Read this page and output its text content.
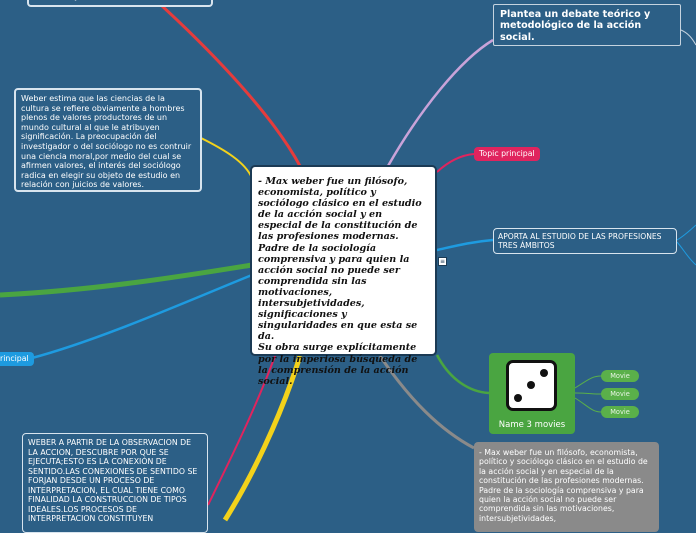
Weber estima que las ciencias de la cultura se refiere obviamente a hombres plenos de valores productores de un mundo cultural al que le atribuyen significación. La preocupación del investigador o del sociólogo no es contruir una ciencia moral,por medio del cual se afirmen valores, el interés del sociólogo radica en elegir su objeto de estudio en relación con juicios de valores.	- Max weber fue un filósofo, economista, político y sociólogo clásico en el estudio de la acción social y en especial de la constitución de las profesiones modernas. Padre de la sociología comprensiva y para quien la acción social no puede ser comprendida sin las motivaciones, intersubjetividades, significaciones y singularidades en que esta se da.

Su obra surge explícitamente por la imperiosa búsqueda de la comprensión de la acción social.

≡
Plantea un debate teórico y metodológico de la acción social.
Topic principal
rincipal
APORTA AL ESTUDIO DE LAS PROFESIONES TRES ÁMBITOS
Name 3 movies
Movie
Movie
Movie
WEBER A PARTIR DE LA OBSERVACION DE LA ACCION, DESCUBRE POR QUE SE EJECUTA;ESTO ES LA CONEXIÓN DE SENTIDO.LAS CONEXIONES DE SENTIDO SE FORJAN DESDE UN PROCESO DE INTERPRETACION, EL CUAL TIENE COMO FINALIDAD LA CONSTRUCCION DE TIPOS IDEALES.LOS PROCESOS DE INTERPRETACION CONSTITUYEN
- Max weber fue un filósofo, economista, político y sociólogo clásico en el estudio de la acción social y en especial de la constitución de las profesiones modernas. Padre de la sociología comprensiva y para quien la acción social no puede ser comprendida sin las motivaciones, intersubjetividades,
